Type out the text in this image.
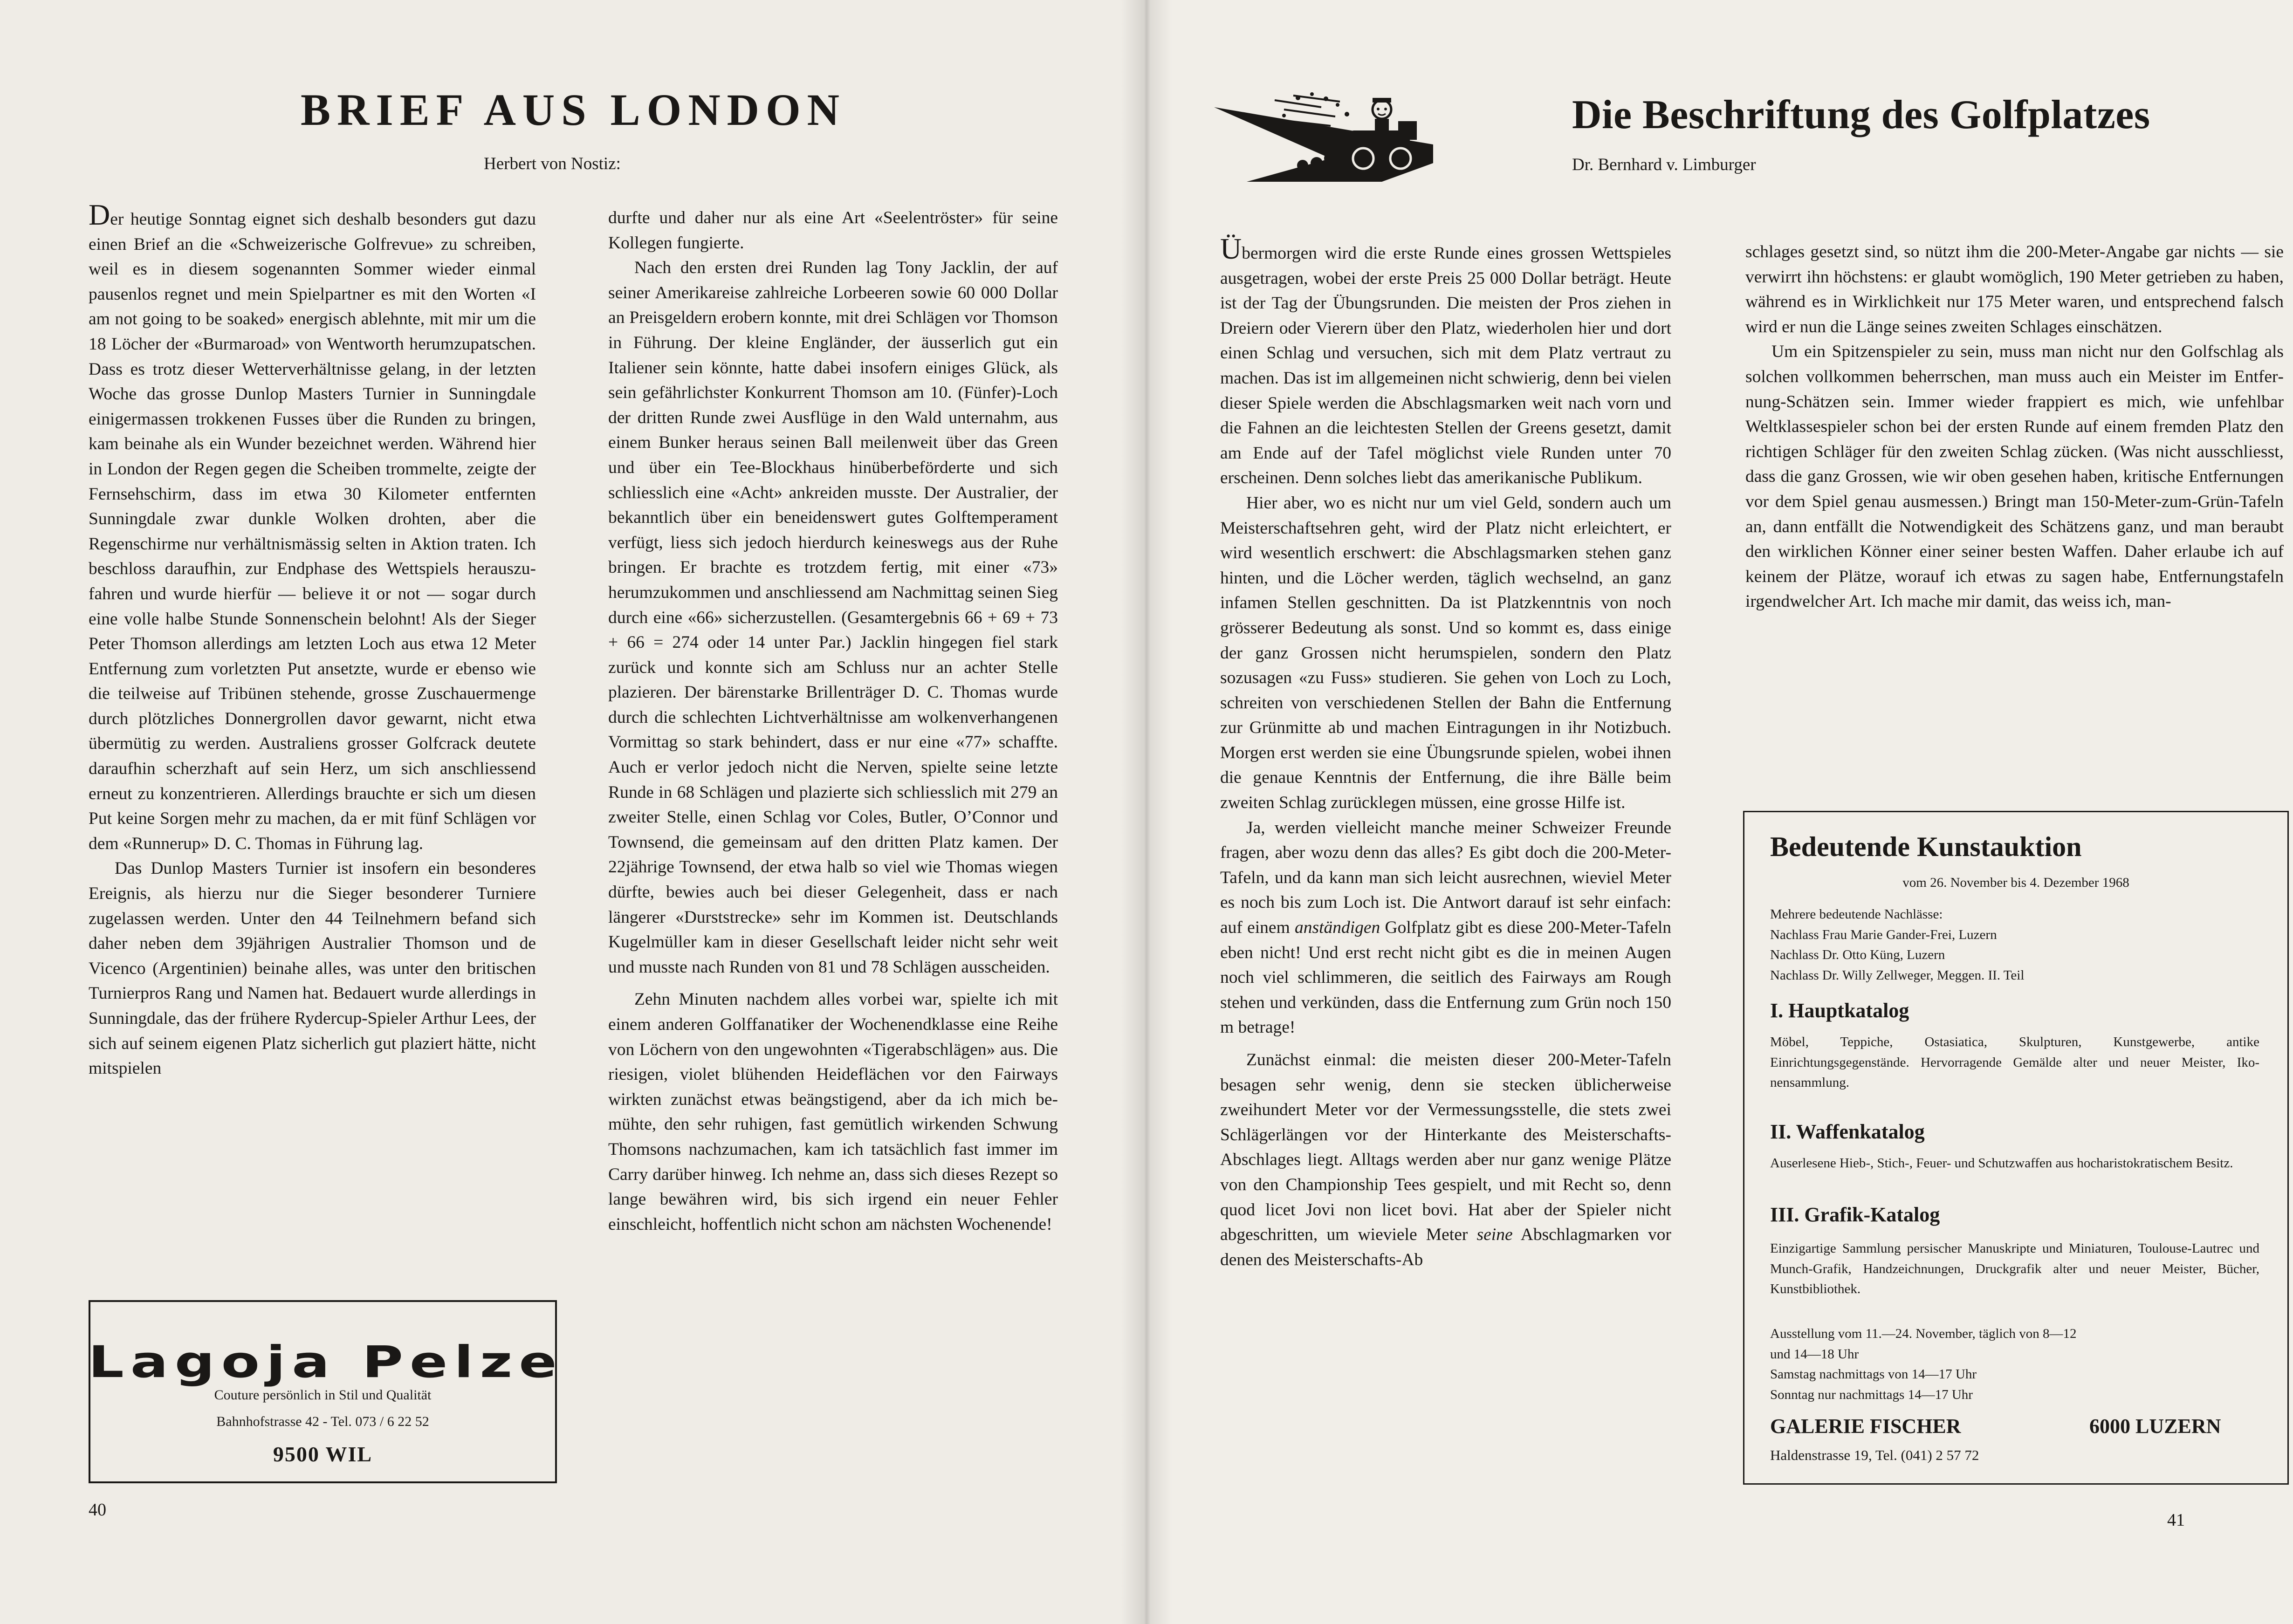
BRIEF AUS LONDON

Herbert von Nostiz:

Der heutige Sonntag eignet sich deshalb besonders gut dazu einen Brief an die «Schweizerische Golfrevue» zu schreiben, weil es in diesem sogenannten Sommer wieder einmal pausenlos regnet und mein Spielpartner es mit den Worten «I am not going to be soaked» energisch ablehnte, mit mir um die 18 Löcher der «Burmaroad» von Wentworth herumzupatschen. Dass es trotz dieser Wetterverhältnisse gelang, in der letzten Woche das grosse Dunlop Masters Turnier in Sunningdale einigermassen trokkenen Fusses über die Runden zu bringen, kam beinahe als ein Wunder bezeichnet werden. Während hier in London der Regen gegen die Scheiben trommelte, zeigte der Fernsehschirm, dass im etwa 30 Kilometer entfernten Sunningdale zwar dunkle Wolken drohten, aber die Regenschirme nur verhältnismässig selten in Aktion traten. Ich beschloss daraufhin, zur Endphase des Wettspiels herauszufahren und wurde hierfür — believe it or not — sogar durch eine volle halbe Stunde Sonnenschein belohnt! Als der Sieger Peter Thomson allerdings am letzten Loch aus etwa 12 Meter Entfernung zum vorletzten Put ansetzte, wurde er ebenso wie die teilweise auf Tribünen stehende, grosse Zuschauermenge durch plötzliches Donnergrollen davor gewarnt, nicht etwa übermütig zu werden. Australiens grosser Golfcrack deutete daraufhin scherzhaft auf sein Herz, um sich anschliessend erneut zu konzentrieren. Allerdings brauchte er sich um diesen Put keine Sorgen mehr zu machen, da er mit fünf Schlägen vor dem «Runnerup» D. C. Thomas in Führung lag.

Das Dunlop Masters Turnier ist insofern ein besonderes Ereignis, als hierzu nur die Sieger besonderer Turniere zugelassen werden. Unter den 44 Teilnehmern befand sich daher neben dem 39jährigen Australier Thomson und de Vicenco (Argentinien) beinahe alles, was unter den britischen Turnierpros Rang und Namen hat. Bedauert wurde allerdings in Sunningdale, das der frühere Rydercup-Spieler Arthur Lees, der sich auf seinem eigenen Platz sicherlich gut plaziert hätte, nicht mitspielen

durfte und daher nur als eine Art «Seelentröster» für seine Kollegen fungierte.

Nach den ersten drei Runden lag Tony Jacklin, der auf seiner Amerikareise zahlreiche Lorbeeren sowie 60 000 Dollar an Preisgeldern erobern konnte, mit drei Schlägen vor Thomson in Führung. Der kleine Engländer, der äusserlich gut ein Italiener sein könnte, hatte dabei insofern einiges Glück, als sein gefährlichster Konkurrent Thomson am 10. (Fünfer)-Loch der dritten Runde zwei Ausflüge in den Wald unternahm, aus einem Bunker heraus seinen Ball meilenweit über das Green und über ein Tee-Blockhaus hinüberbeförderte und sich schliesslich eine «Acht» ankreiden musste. Der Australier, der bekanntlich über ein beneidenswert gutes Golftemperament verfügt, liess sich jedoch hierdurch keineswegs aus der Ruhe bringen. Er brachte es trotzdem fertig, mit einer «73» herumzukommen und anschliessend am Nachmittag seinen Sieg durch eine «66» sicherzustellen. (Gesamtergebnis 66 + 69 + 73 + 66 = 274 oder 14 unter Par.) Jacklin hingegen fiel stark zurück und konnte sich am Schluss nur an achter Stelle plazieren. Der bärenstarke Brillenträger D. C. Thomas wurde durch die schlechten Lichtverhältnisse am wolkenverhangenen Vormittag so stark behindert, dass er nur eine «77» schaffte. Auch er verlor jedoch nicht die Nerven, spielte seine letzte Runde in 68 Schlägen und plazierte sich schliesslich mit 279 an zweiter Stelle, einen Schlag vor Coles, Butler, O’Connor und Townsend, die gemeinsam auf den dritten Platz kamen. Der 22jährige Townsend, der etwa halb so viel wie Thomas wiegen dürfte, bewies auch bei dieser Gelegenheit, dass er nach längerer «Durststrecke» sehr im Kommen ist. Deutschlands Kugelmüller kam in dieser Gesellschaft leider nicht sehr weit und musste nach Runden von 81 und 78 Schlägen ausscheiden.

Zehn Minuten nachdem alles vorbei war, spielte ich mit einem anderen Golffanatiker der Wochenendklasse eine Reihe von Löchern von den ungewohnten «Tigerabschlägen» aus. Die riesigen, violet blühenden Heideflächen vor den Fairways wirkten zunächst etwas beängstigend, aber da ich mich bemühte, den sehr ruhigen, fast gemütlich wirkenden Schwung Thomsons nachzumachen, kam ich tatsächlich fast immer im Carry darüber hinweg. Ich nehme an, dass sich dieses Rezept so lange bewähren wird, bis sich irgend ein neuer Fehler einschleicht, hoffentlich nicht schon am nächsten Wochenende!

Lagoja Pelze
Couture persönlich in Stil und Qualität
Bahnhofstrasse 42 - Tel. 073 / 6 22 52
9500 WIL

40

Die Beschriftung des Golfplatzes

Dr. Bernhard v. Limburger

Übermorgen wird die erste Runde eines grossen Wettspieles ausgetragen, wobei der erste Preis 25 000 Dollar beträgt. Heute ist der Tag der Übungsrunden. Die meisten der Pros ziehen in Dreiern oder Vierern über den Platz, wiederholen hier und dort einen Schlag und versuchen, sich mit dem Platz vertraut zu machen. Das ist im allgemeinen nicht schwierig, denn bei vielen dieser Spiele werden die Abschlagsmarken weit nach vorn und die Fahnen an die leichtesten Stellen der Greens gesetzt, damit am Ende auf der Tafel möglichst viele Runden unter 70 erscheinen. Denn solches liebt das amerikanische Publikum.

Hier aber, wo es nicht nur um viel Geld, sondern auch um Meisterschaftsehren geht, wird der Platz nicht erleichtert, er wird wesentlich erschwert: die Abschlagsmarken stehen ganz hinten, und die Löcher werden, täglich wechselnd, an ganz infamen Stellen geschnitten. Da ist Platzkenntnis von noch grösserer Bedeutung als sonst. Und so kommt es, dass einige der ganz Grossen nicht herumspielen, sondern den Platz sozusagen «zu Fuss» studieren. Sie gehen von Loch zu Loch, schreiten von verschiedenen Stellen der Bahn die Entfernung zur Grünmitte ab und machen Eintragungen in ihr Notizbuch. Morgen erst werden sie eine Übungsrunde spielen, wobei ihnen die genaue Kenntnis der Entfernung, die ihre Bälle beim zweiten Schlag zurücklegen müssen, eine grosse Hilfe ist.

Ja, werden vielleicht manche meiner Schweizer Freunde fragen, aber wozu denn das alles? Es gibt doch die 200-Meter-Tafeln, und da kann man sich leicht ausrechnen, wieviel Meter es noch bis zum Loch ist. Die Antwort darauf ist sehr einfach: auf einem anständigen Golfplatz gibt es diese 200-Meter-Tafeln eben nicht! Und erst recht nicht gibt es die in meinen Augen noch viel schlimmeren, die seitlich des Fairways am Rough stehen und verkünden, dass die Entfernung zum Grün noch 150 m betrage!

Zunächst einmal: die meisten dieser 200-Meter-Tafeln besagen sehr wenig, denn sie stecken üblicherweise zweihundert Meter vor der Vermessungsstelle, die stets zwei Schlägerlängen vor der Hinterkante des Meisterschafts-Abschlages liegt. Alltags werden aber nur ganz wenige Plätze von den Championship Tees gespielt, und mit Recht so, denn quod licet Jovi non licet bovi. Hat aber der Spieler nicht abgeschritten, um wieviele Meter seine Abschlagmarken vor denen des Meisterschafts-Ab

schlages gesetzt sind, so nützt ihm die 200-Meter-Angabe gar nichts — sie verwirrt ihn höchstens: er glaubt womöglich, 190 Meter getrieben zu haben, während es in Wirklichkeit nur 175 Meter waren, und entsprechend falsch wird er nun die Länge seines zweiten Schlages einschätzen.

Um ein Spitzenspieler zu sein, muss man nicht nur den Golfschlag als solchen vollkommen beherrschen, man muss auch ein Meister im Entfernung-Schätzen sein. Immer wieder frappiert es mich, wie unfehlbar Weltklassespieler schon bei der ersten Runde auf einem fremden Platz den richtigen Schläger für den zweiten Schlag zücken. (Was nicht ausschliesst, dass die ganz Grossen, wie wir oben gesehen haben, kritische Entfernungen vor dem Spiel genau ausmessen.) Bringt man 150-Meter-zum-Grün-Tafeln an, dann entfällt die Notwendigkeit des Schätzens ganz, und man beraubt den wirklichen Könner einer seiner besten Waffen. Daher erlaube ich auf keinem der Plätze, worauf ich etwas zu sagen habe, Entfernungstafeln irgendwelcher Art. Ich mache mir damit, das weiss ich, man-

Bedeutende Kunstauktion
vom 26. November bis 4. Dezember 1968
Mehrere bedeutende Nachlässe:
Nachlass Frau Marie Gander-Frei, Luzern
Nachlass Dr. Otto Küng, Luzern
Nachlass Dr. Willy Zellweger, Meggen. II. Teil
I. Hauptkatalog
Möbel, Teppiche, Ostasiatica, Skulpturen, Kunstgewerbe, antike Einrichtungsgegenstände. Hervorragende Gemälde alter und neuer Meister, Ikonensammlung.
II. Waffenkatalog
Auserlesene Hieb-, Stich-, Feuer- und Schutzwaffen aus hocharistokratischem Besitz.
III. Grafik-Katalog
Einzigartige Sammlung persischer Manuskripte und Miniaturen, Toulouse-Lautrec und Munch-Grafik, Handzeichnungen, Druckgrafik alter und neuer Meister, Bücher, Kunstbibliothek.
Ausstellung vom 11.—24. November, täglich von 8—12
und 14—18 Uhr
Samstag nachmittags von 14—17 Uhr
Sonntag nur nachmittags 14—17 Uhr
GALERIE FISCHER	6000 LUZERN
Haldenstrasse 19, Tel. (041) 2 57 72

41
